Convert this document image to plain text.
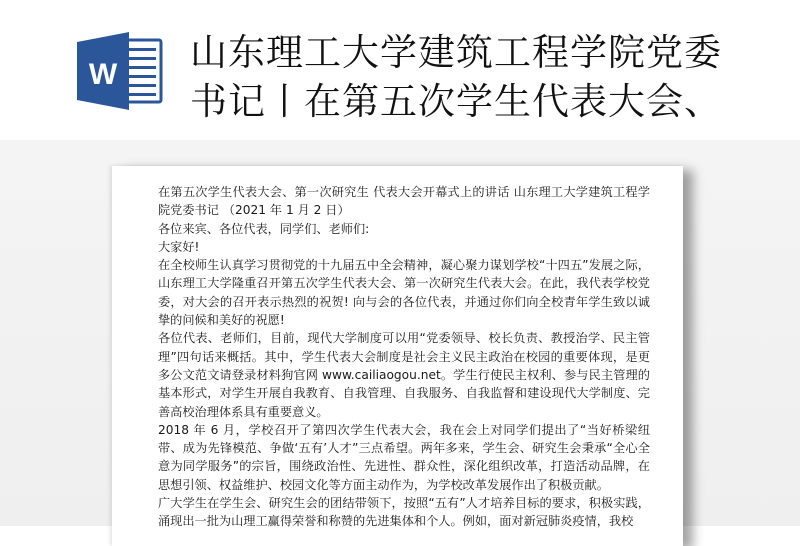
W
山东理工大学建筑工程学院党委书记丨在第五次学生代表大会、

在第五次学生代表大会、第一次研究生 代表大会开幕式上的讲话 山东理工大学建筑工程学院党委书记 （2021 年 1 月 2 日）

各位来宾、各位代表，同学们、老师们:

大家好!

在全校师生认真学习贯彻党的十九届五中全会精神，凝心聚力谋划学校“十四五”发展之际，山东理工大学隆重召开第五次学生代表大会、第一次研究生代表大会。在此，我代表学校党委，对大会的召开表示热烈的祝贺! 向与会的各位代表，并通过你们向全校青年学生致以诚挚的问候和美好的祝愿!

各位代表、老师们，目前，现代大学制度可以用“党委领导、校长负责、教授治学、民主管理”四句话来概括。其中，学生代表大会制度是社会主义民主政治在校园的重要体现，是更多公文范文请登录材料狗官网 www.cailiaogou.net。学生行使民主权利、参与民主管理的基本形式，对学生开展自我教育、自我管理、自我服务、自我监督和建设现代大学制度、完善高校治理体系具有重要意义。

2018 年 6 月，学校召开了第四次学生代表大会，我在会上对同学们提出了“当好桥梁纽带、成为先锋模范、争做‘五有’人才”三点希望。两年多来，学生会、研究生会秉承“全心全意为同学服务”的宗旨，围绕政治性、先进性、群众性，深化组织改革，打造活动品牌，在思想引领、权益维护、校园文化等方面主动作为，为学校改革发展作出了积极贡献。

广大学生在学生会、研究生会的团结带领下，按照“五有”人才培养目标的要求，积极实践，涌现出一批为山理工赢得荣誉和称赞的先进集体和个人。例如，面对新冠肺炎疫情，我校
